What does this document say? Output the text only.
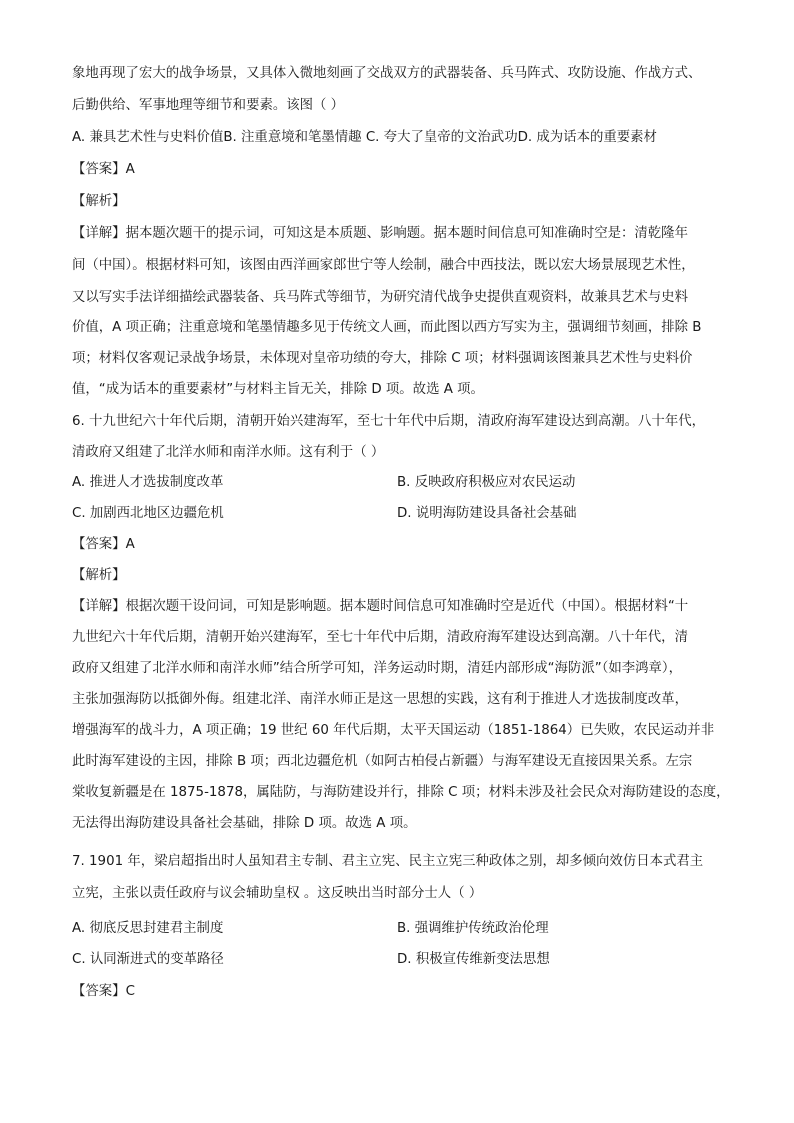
象地再现了宏大的战争场景，又具体入微地刻画了交战双方的武器装备、兵马阵式、攻防设施、作战方式、
后勤供给、军事地理等细节和要素。该图（ ）
A. 兼具艺术性与史料价值B. 注重意境和笔墨情趣 C. 夸大了皇帝的文治武功D. 成为话本的重要素材
【答案】A
【解析】
【详解】据本题次题干的提示词，可知这是本质题、影响题。据本题时间信息可知准确时空是：清乾隆年
间（中国）。根据材料可知，该图由西洋画家郎世宁等人绘制，融合中西技法，既以宏大场景展现艺术性，
又以写实手法详细描绘武器装备、兵马阵式等细节，为研究清代战争史提供直观资料，故兼具艺术与史料
价值，A 项正确；注重意境和笔墨情趣多见于传统文人画，而此图以西方写实为主，强调细节刻画，排除 B
项；材料仅客观记录战争场景，未体现对皇帝功绩的夸大，排除 C 项；材料强调该图兼具艺术性与史料价
值，“成为话本的重要素材”与材料主旨无关，排除 D 项。故选 A 项。
6. 十九世纪六十年代后期，清朝开始兴建海军，至七十年代中后期，清政府海军建设达到高潮。八十年代，
清政府又组建了北洋水师和南洋水师。这有利于（ ）
A. 推进人才选拔制度改革	B. 反映政府积极应对农民运动
C. 加剧西北地区边疆危机	D. 说明海防建设具备社会基础
【答案】A
【解析】
【详解】根据次题干设问词，可知是影响题。据本题时间信息可知准确时空是近代（中国）。根据材料“十
九世纪六十年代后期，清朝开始兴建海军，至七十年代中后期，清政府海军建设达到高潮。八十年代，清
政府又组建了北洋水师和南洋水师”结合所学可知，洋务运动时期，清廷内部形成“海防派”（如李鸿章），
主张加强海防以抵御外侮。组建北洋、南洋水师正是这一思想的实践，这有利于推进人才选拔制度改革，
增强海军的战斗力，A 项正确；19 世纪 60 年代后期，太平天国运动（1851-1864）已失败，农民运动并非
此时海军建设的主因，排除 B 项；西北边疆危机（如阿古柏侵占新疆）与海军建设无直接因果关系。左宗
棠收复新疆是在 1875-1878，属陆防，与海防建设并行，排除 C 项；材料未涉及社会民众对海防建设的态度，
无法得出海防建设具备社会基础，排除 D 项。故选 A 项。
7. 1901 年，梁启超指出时人虽知君主专制、君主立宪、民主立宪三种政体之别，却多倾向效仿日本式君主
立宪，主张以责任政府与议会辅助皇权 。这反映出当时部分士人（ ）
A. 彻底反思封建君主制度	B. 强调维护传统政治伦理
C. 认同渐进式的变革路径	D. 积极宣传维新变法思想
【答案】C
